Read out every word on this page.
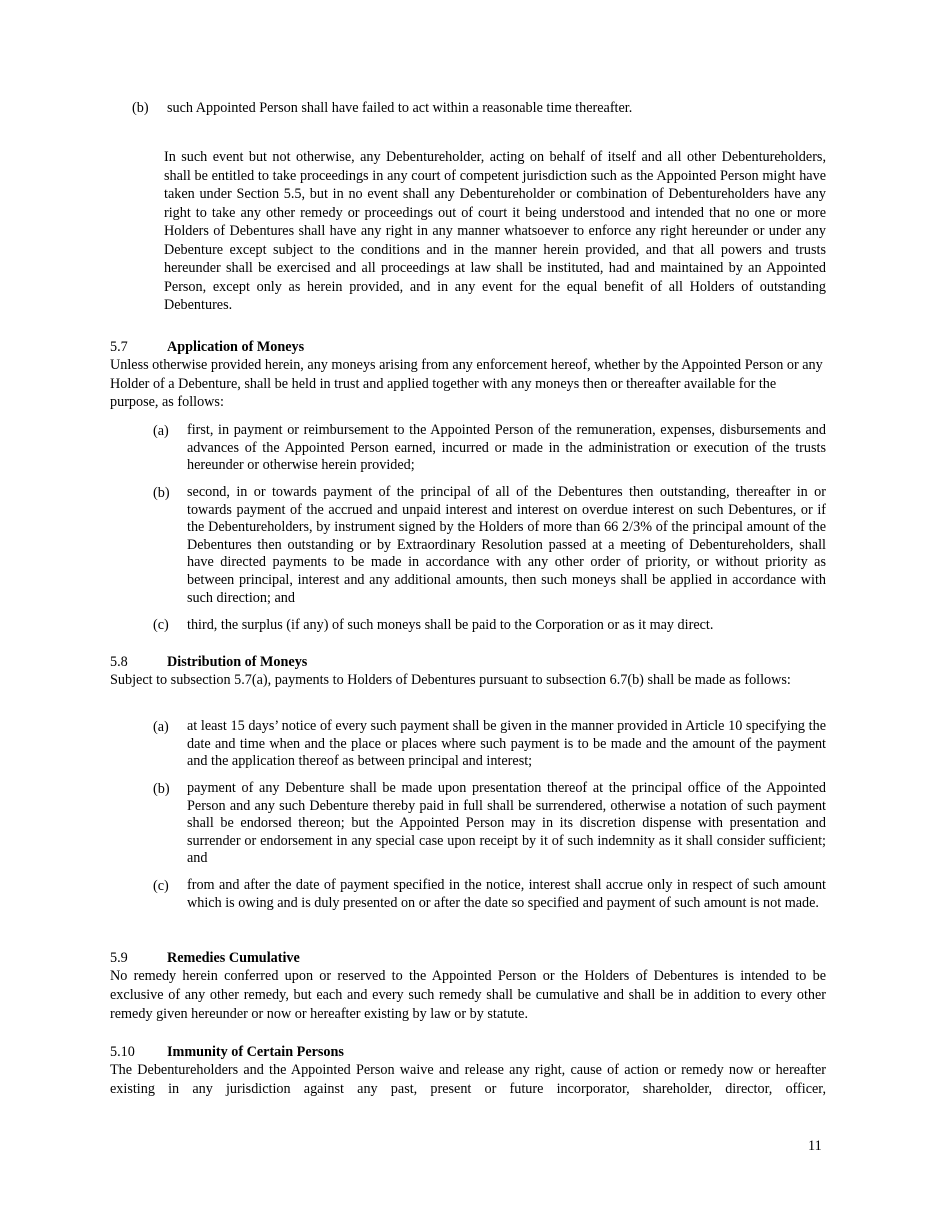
(b)	such Appointed Person shall have failed to act within a reasonable time thereafter.
In such event but not otherwise, any Debentureholder, acting on behalf of itself and all other Debentureholders, shall be entitled to take proceedings in any court of competent jurisdiction such as the Appointed Person might have taken under Section 5.5, but in no event shall any Debentureholder or combination of Debentureholders have any right to take any other remedy or proceedings out of court it being understood and intended that no one or more Holders of Debentures shall have any right in any manner whatsoever to enforce any right hereunder or under any Debenture except subject to the conditions and in the manner herein provided, and that all powers and trusts hereunder shall be exercised and all proceedings at law shall be instituted, had and maintained by an Appointed Person, except only as herein provided, and in any event for the equal benefit of all Holders of outstanding Debentures.
5.7	Application of Moneys
Unless otherwise provided herein, any moneys arising from any enforcement hereof, whether by the Appointed Person or any Holder of a Debenture, shall be held in trust and applied together with any moneys then or thereafter available for the purpose, as follows:
(a)	first, in payment or reimbursement to the Appointed Person of the remuneration, expenses, disbursements and advances of the Appointed Person earned, incurred or made in the administration or execution of the trusts hereunder or otherwise herein provided;
(b)	second, in or towards payment of the principal of all of the Debentures then outstanding, thereafter in or towards payment of the accrued and unpaid interest and interest on overdue interest on such Debentures, or if the Debentureholders, by instrument signed by the Holders of more than 66 2/3% of the principal amount of the Debentures then outstanding or by Extraordinary Resolution passed at a meeting of Debentureholders, shall have directed payments to be made in accordance with any other order of priority, or without priority as between principal, interest and any additional amounts, then such moneys shall be applied in accordance with such direction; and
(c)	third, the surplus (if any) of such moneys shall be paid to the Corporation or as it may direct.
5.8	Distribution of Moneys
Subject to subsection 5.7(a), payments to Holders of Debentures pursuant to subsection 6.7(b) shall be made as follows:
(a)	at least 15 days’ notice of every such payment shall be given in the manner provided in Article 10 specifying the date and time when and the place or places where such payment is to be made and the amount of the payment and the application thereof as between principal and interest;
(b)	payment of any Debenture shall be made upon presentation thereof at the principal office of the Appointed Person and any such Debenture thereby paid in full shall be surrendered, otherwise a notation of such payment shall be endorsed thereon; but the Appointed Person may in its discretion dispense with presentation and surrender or endorsement in any special case upon receipt by it of such indemnity as it shall consider sufficient; and
(c)	from and after the date of payment specified in the notice, interest shall accrue only in respect of such amount which is owing and is duly presented on or after the date so specified and payment of such amount is not made.
5.9	Remedies Cumulative
No remedy herein conferred upon or reserved to the Appointed Person or the Holders of Debentures is intended to be exclusive of any other remedy, but each and every such remedy shall be cumulative and shall be in addition to every other remedy given hereunder or now or hereafter existing by law or by statute.
5.10 Immunity of Certain Persons
The Debentureholders and the Appointed Person waive and release any right, cause of action or remedy now or hereafter existing in any jurisdiction against any past, present or future incorporator, shareholder, director, officer,
11
